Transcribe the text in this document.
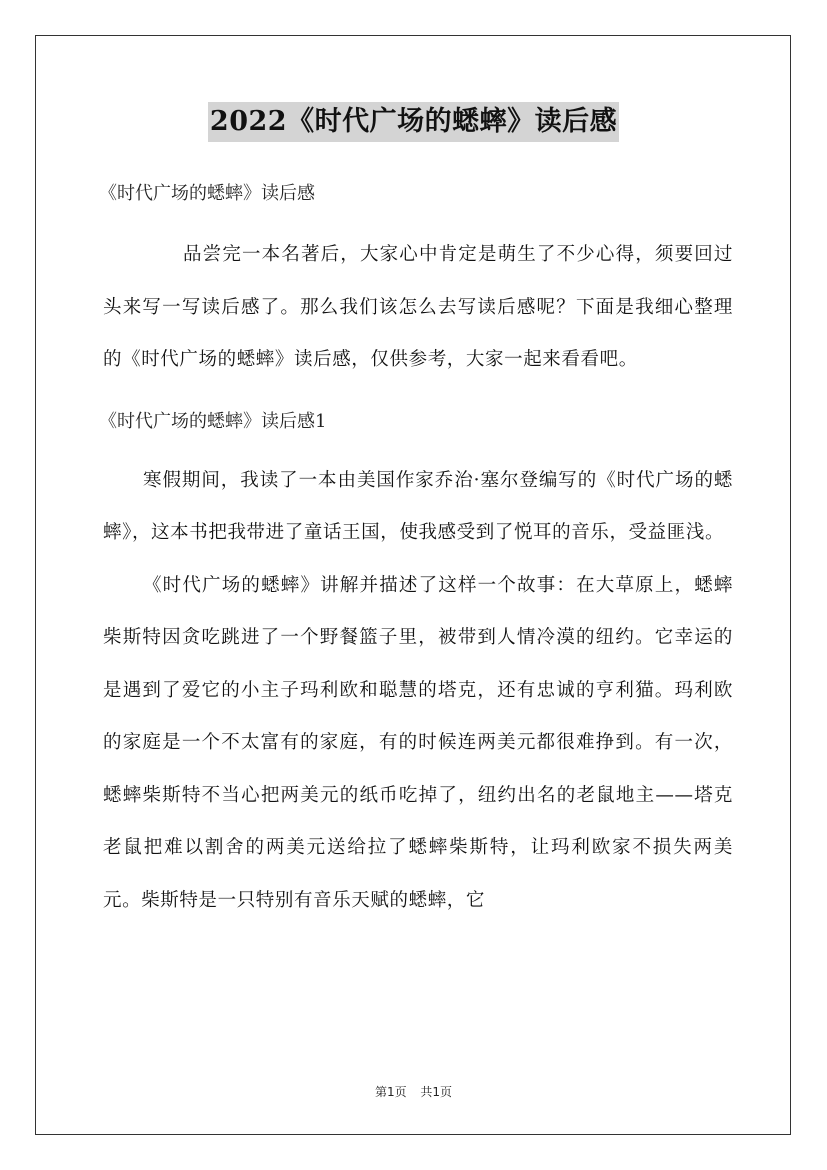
2022《时代广场的蟋蟀》读后感

《时代广场的蟋蟀》读后感

品尝完一本名著后，大家心中肯定是萌生了不少心得，须要回过头来写一写读后感了。那么我们该怎么去写读后感呢？下面是我细心整理的《时代广场的蟋蟀》读后感，仅供参考，大家一起来看看吧。

《时代广场的蟋蟀》读后感1

寒假期间，我读了一本由美国作家乔治·塞尔登编写的《时代广场的蟋蟀》，这本书把我带进了童话王国，使我感受到了悦耳的音乐，受益匪浅。

《时代广场的蟋蟀》讲解并描述了这样一个故事：在大草原上，蟋蟀柴斯特因贪吃跳进了一个野餐篮子里，被带到人情冷漠的纽约。它幸运的是遇到了爱它的小主子玛利欧和聪慧的塔克，还有忠诚的亨利猫。玛利欧的家庭是一个不太富有的家庭，有的时候连两美元都很难挣到。有一次，蟋蟀柴斯特不当心把两美元的纸币吃掉了，纽约出名的老鼠地主——塔克老鼠把难以割舍的两美元送给拉了蟋蟀柴斯特，让玛利欧家不损失两美元。柴斯特是一只特别有音乐天赋的蟋蟀，它

第1页 共1页
